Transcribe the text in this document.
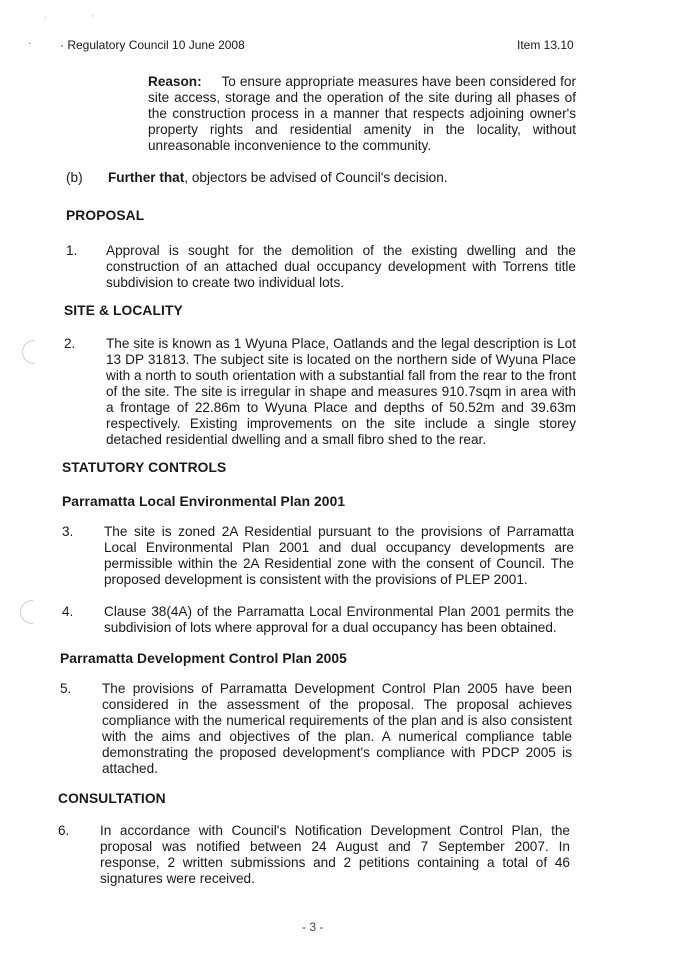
·	'
· · Regulatory Council 10 June 2008	Item 13.10
Reason: To ensure appropriate measures have been considered for site access, storage and the operation of the site during all phases of the construction process in a manner that respects adjoining owner's property rights and residential amenity in the locality, without unreasonable inconvenience to the community.
(b) Further that, objectors be advised of Council's decision.
PROPOSAL
1. Approval is sought for the demolition of the existing dwelling and the construction of an attached dual occupancy development with Torrens title subdivision to create two individual lots.
SITE & LOCALITY
2. The site is known as 1 Wyuna Place, Oatlands and the legal description is Lot 13 DP 31813. The subject site is located on the northern side of Wyuna Place with a north to south orientation with a substantial fall from the rear to the front of the site. The site is irregular in shape and measures 910.7sqm in area with a frontage of 22.86m to Wyuna Place and depths of 50.52m and 39.63m respectively. Existing improvements on the site include a single storey detached residential dwelling and a small fibro shed to the rear.
STATUTORY CONTROLS
Parramatta Local Environmental Plan 2001
3. The site is zoned 2A Residential pursuant to the provisions of Parramatta Local Environmental Plan 2001 and dual occupancy developments are permissible within the 2A Residential zone with the consent of Council. The proposed development is consistent with the provisions of PLEP 2001.
4. Clause 38(4A) of the Parramatta Local Environmental Plan 2001 permits the subdivision of lots where approval for a dual occupancy has been obtained.
Parramatta Development Control Plan 2005
5. The provisions of Parramatta Development Control Plan 2005 have been considered in the assessment of the proposal. The proposal achieves compliance with the numerical requirements of the plan and is also consistent with the aims and objectives of the plan. A numerical compliance table demonstrating the proposed development's compliance with PDCP 2005 is attached.
CONSULTATION
6. In accordance with Council's Notification Development Control Plan, the proposal was notified between 24 August and 7 September 2007. In response, 2 written submissions and 2 petitions containing a total of 46 signatures were received.
- 3 -
